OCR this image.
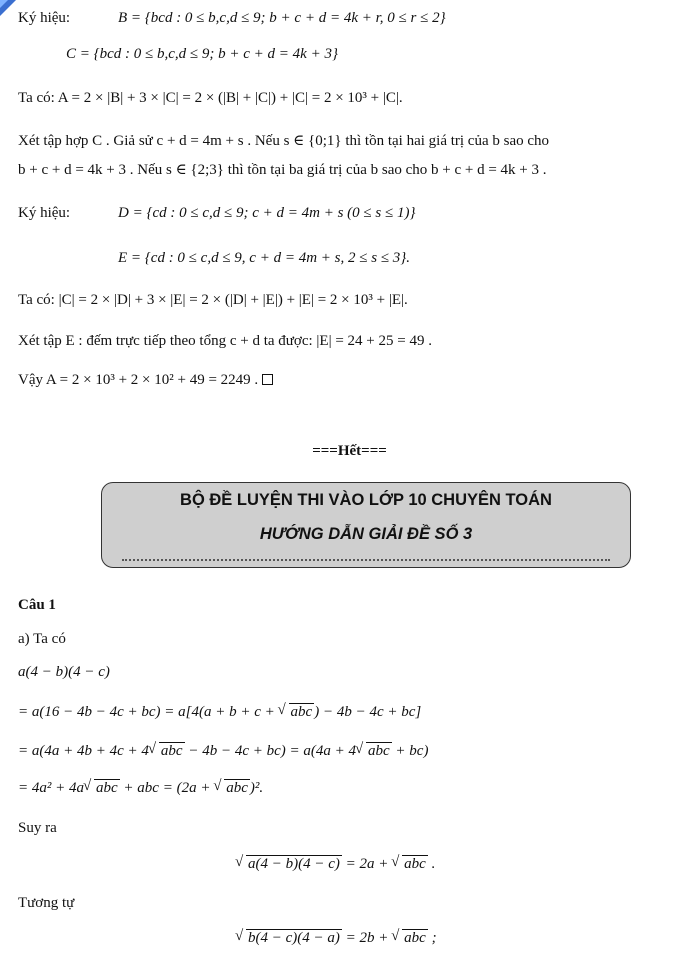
Ký hiệu:	B = {bcd : 0 ≤ b,c,d ≤ 9; b + c + d = 4k + r, 0 ≤ r ≤ 2}
C = {bcd : 0 ≤ b,c,d ≤ 9; b + c + d = 4k + 3}
Ta có: A = 2 × |B| + 3 × |C| = 2 × (|B| + |C|) + |C| = 2 × 10³ + |C|.
Xét tập hợp C . Giả sử c + d = 4m + s . Nếu s ∈ {0;1} thì tồn tại hai giá trị của b sao cho
b + c + d = 4k + 3 . Nếu s ∈ {2;3} thì tồn tại ba giá trị của b sao cho b + c + d = 4k + 3 .
Ký hiệu:	D = {cd : 0 ≤ c,d ≤ 9; c + d = 4m + s (0 ≤ s ≤ 1)}
E = {cd : 0 ≤ c,d ≤ 9, c + d = 4m + s, 2 ≤ s ≤ 3}.
Ta có: |C| = 2 × |D| + 3 × |E| = 2 × (|D| + |E|) + |E| = 2 × 10³ + |E|.
Xét tập E : đếm trực tiếp theo tổng c + d ta được: |E| = 24 + 25 = 49 .
Vậy A = 2 × 10³ + 2 × 10² + 49 = 2249 .
===Hết===
BỘ ĐỀ LUYỆN THI VÀO LỚP 10 CHUYÊN TOÁN
HƯỚNG DẪN GIẢI ĐỀ SỐ 3
Câu 1
a) Ta có
a(4 − b)(4 − c)
= a(16 − 4b − 4c + bc) = a[4(a + b + c + √ abc ) − 4b − 4c + bc]
= a(4a + 4b + 4c + 4 √ abc − 4b − 4c + bc) = a(4a + 4 √ abc + bc)
= 4a² + 4a √ abc + abc = (2a + √ abc )².
Suy ra
√ a(4 − b)(4 − c) = 2a + √ abc .
Tương tự
√ b(4 − c)(4 − a) = 2b + √ abc ;
